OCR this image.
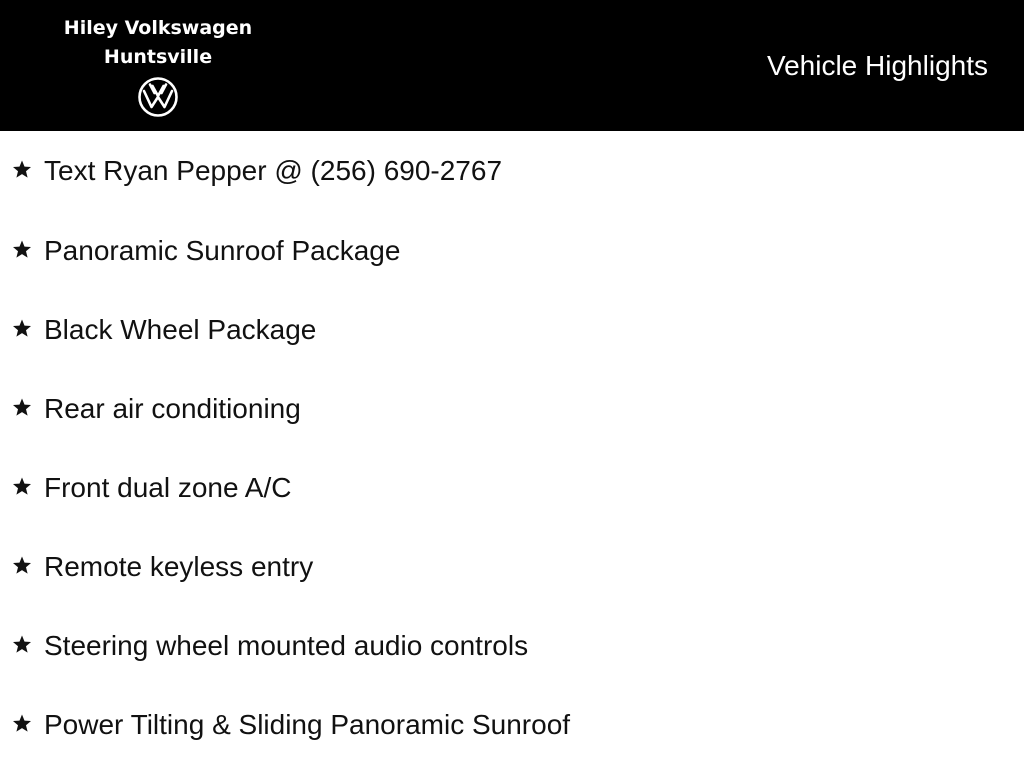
Hiley Volkswagen
Huntsville	Vehicle Highlights
Text Ryan Pepper @ (256) 690-2767
Panoramic Sunroof Package
Black Wheel Package
Rear air conditioning
Front dual zone A/C
Remote keyless entry
Steering wheel mounted audio controls
Power Tilting & Sliding Panoramic Sunroof
